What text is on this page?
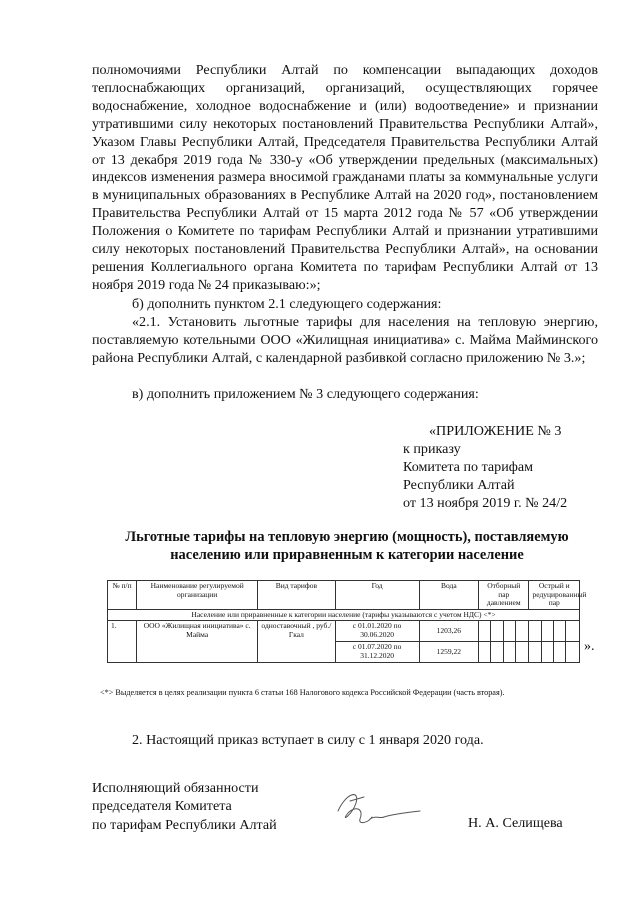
полномочиями Республики Алтай по компенсации выпадающих доходов теплоснабжающих организаций, организаций, осуществляющих горячее водоснабжение, холодное водоснабжение и (или) водоотведение» и признании утратившими силу некоторых постановлений Правительства Республики Алтай», Указом Главы Республики Алтай, Председателя Правительства Республики Алтай от 13 декабря 2019 года № 330-у «Об утверждении предельных (максимальных) индексов изменения размера вносимой гражданами платы за коммунальные услуги в муниципальных образованиях в Республике Алтай на 2020 год», постановлением Правительства Республики Алтай от 15 марта 2012 года № 57 «Об утверждении Положения о Комитете по тарифам Республики Алтай и признании утратившими силу некоторых постановлений Правительства Республики Алтай», на основании решения Коллегиального органа Комитета по тарифам Республики Алтай от 13 ноября 2019 года № 24 приказываю:»;

б) дополнить пунктом 2.1 следующего содержания:

«2.1. Установить льготные тарифы для населения на тепловую энергию, поставляемую котельными ООО «Жилищная инициатива» с. Майма Майминского района Республики Алтай, с календарной разбивкой согласно приложению № 3.»;

в) дополнить приложением № 3 следующего содержания:

«ПРИЛОЖЕНИЕ № 3
к приказу
Комитета по тарифам
Республики Алтай
от 13 ноября 2019 г. № 24/2
Льготные тарифы на тепловую энергию (мощность), поставляемую населению или приравненным к категории население
№ п/п	Наименование регулируемой организации	Вид тарифов	Год	Вода	Отборный пар давлением				Острый и редуцированный пар			
Население или приравненные к категории население (тарифы указываются с учетом НДС) <*>												
1.	ООО «Жилищная инициатива» с. Майма	одноставочный , руб./Гкал	с 01.01.2020 по 30.06.2020	1203,26								
			с 01.07.2020 по 31.12.2020	1259,22									».
<*> Выделяется в целях реализации пункта 6 статьи 168 Налогового кодекса Российской Федерации (часть вторая).

2. Настоящий приказ вступает в силу с 1 января 2020 года.

Исполняющий обязанности
председателя Комитета
по тарифам Республики Алтай	Н. А. Селищева
